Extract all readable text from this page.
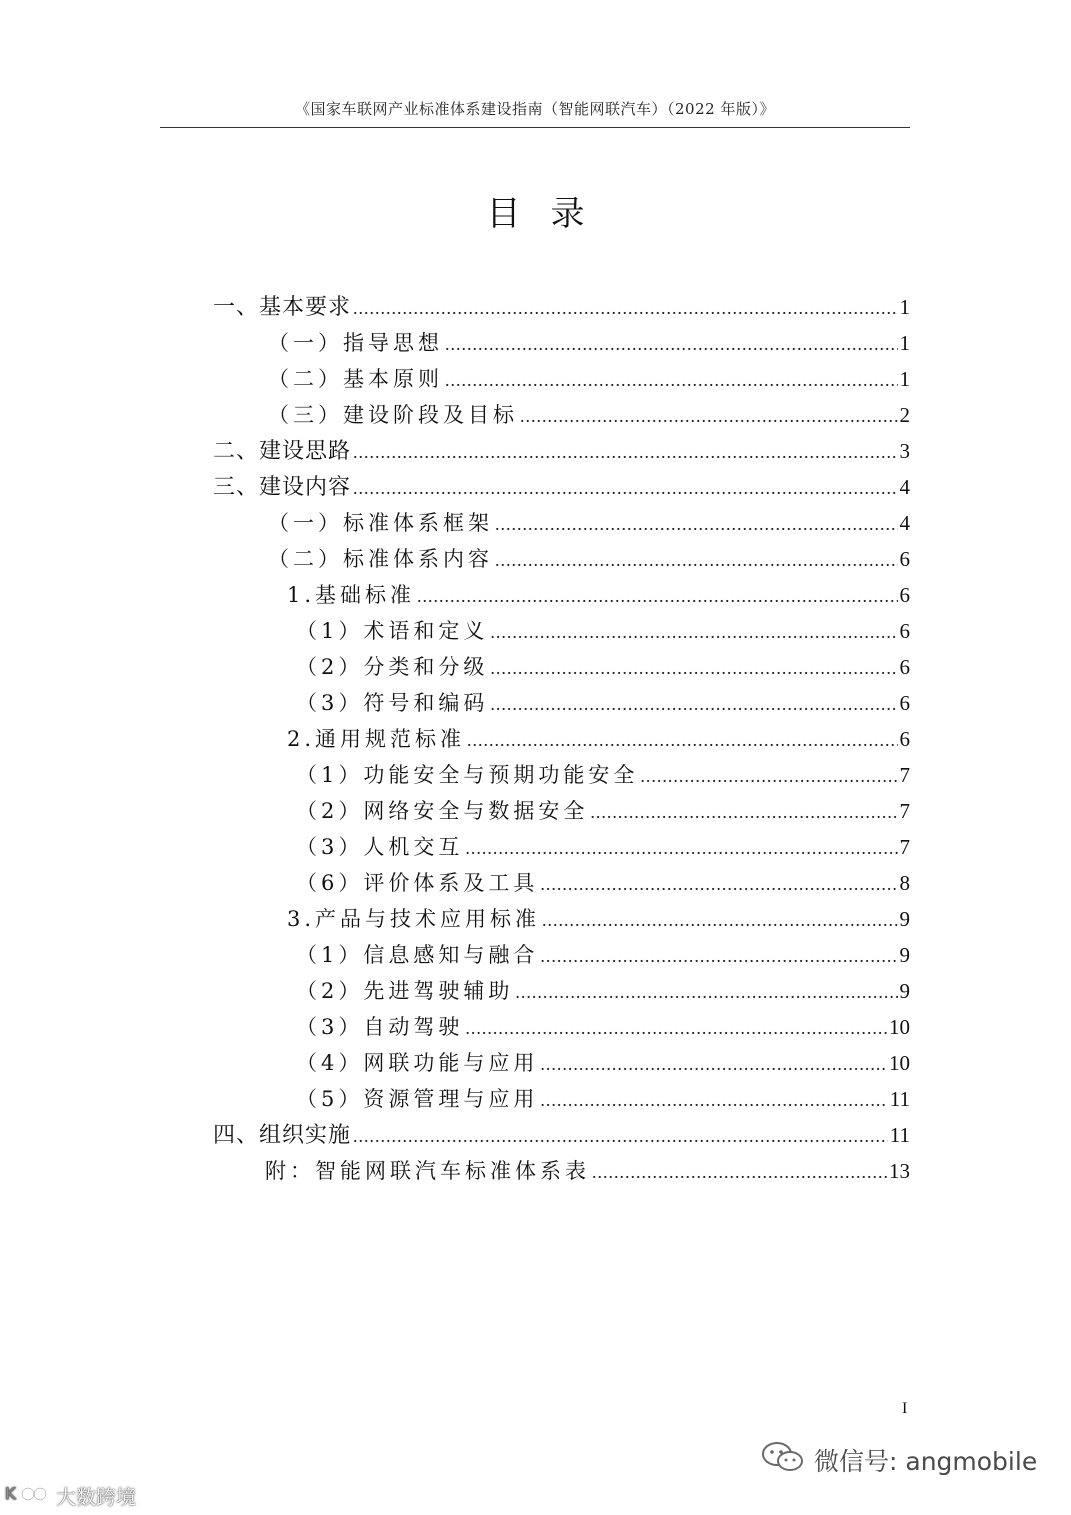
《国家车联网产业标准体系建设指南（智能网联汽车）（2022 年版）》
目录
一、基本要求 .....	1
（一）指导思想 .....	1
（二）基本原则 .....	1
（三）建设阶段及目标 .....	2
二、建设思路 .....	3
三、建设内容 .....	4
（一）标准体系框架 .....	4
（二）标准体系内容 .....	6
1.基础标准 .....	6
（1）术语和定义 .....	6
（2）分类和分级 .....	6
（3）符号和编码 .....	6
2.通用规范标准 .....	6
（1）功能安全与预期功能安全 .....	7
（2）网络安全与数据安全 .....	7
（3）人机交互 .....	7
（6）评价体系及工具 .....	8
3.产品与技术应用标准 .....	9
（1）信息感知与融合 .....	9
（2）先进驾驶辅助 .....	9
（3）自动驾驶 .....	10
（4）网联功能与应用 .....	10
（5）资源管理与应用 .....	11
四、组织实施 .....	11
附：智能网联汽车标准体系表 .....	13
I
微信号: angmobile
K 大数跨境
